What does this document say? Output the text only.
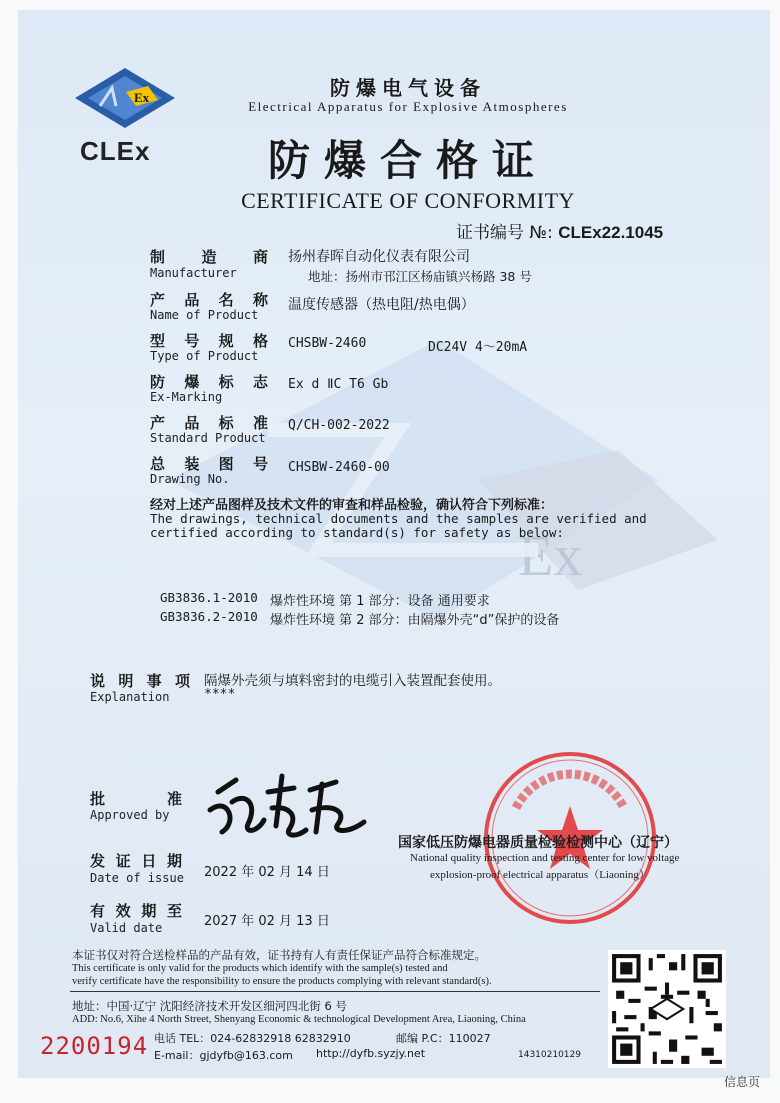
Ex
Ex
CLEx
防爆电气设备
Electrical Apparatus for Explosive Atmospheres
防爆合格证
CERTIFICATE OF CONFORMITY
证书编号 №: CLEx22.1045
制造商
Manufacturer
扬州春晖自动化仪表有限公司
地址：扬州市邗江区杨庙镇兴杨路 38 号
产品名称
Name of Product
温度传感器（热电阻/热电偶）
型号规格
Type of Product
CHSBW-2460	DC24V 4～20mA
防爆标志
Ex-Marking
Ex d ⅡC T6 Gb
产品标准
Standard Product
Q/CH-002-2022
总装图号
Drawing No.
CHSBW-2460-00
经对上述产品图样及技术文件的审查和样品检验，确认符合下列标准：
The drawings, technical documents and the samples are verified and
certified according to standard(s) for safety as below:
GB3836.1-2010 爆炸性环境 第 1 部分：设备 通用要求
GB3836.2-2010 爆炸性环境 第 2 部分：由隔爆外壳“d”保护的设备
说明事项
Explanation
隔爆外壳须与填料密封的电缆引入装置配套使用。
****
批准
Approved by
国家低压防爆电器质量检验检测中心（辽宁）
National quality inspection and testing center for low voltage
explosion-proof electrical apparatus（Liaoning）
发证日期
Date of issue 2022 年 02 月 14 日
有效期至
Valid date	2027 年 02 月 13 日
本证书仅对符合送检样品的产品有效，证书持有人有责任保证产品符合标准规定。
This certificate is only valid for the products which identify with the sample(s) tested and
verify certificate have the responsibility to ensure the products complying with relevant standard(s).
地址：中国·辽宁 沈阳经济技术开发区细河四北街 6 号
ADD: No.6, Xihe 4 North Street, Shenyang Economic & technological Development Area, Liaoning, China
电话 TEL：024-62832918 62832910	邮编 P.C：110027
E-mail：gjdyfb@163.com http://dyfb.syzjy.net	14310210129
2200194
信息页
